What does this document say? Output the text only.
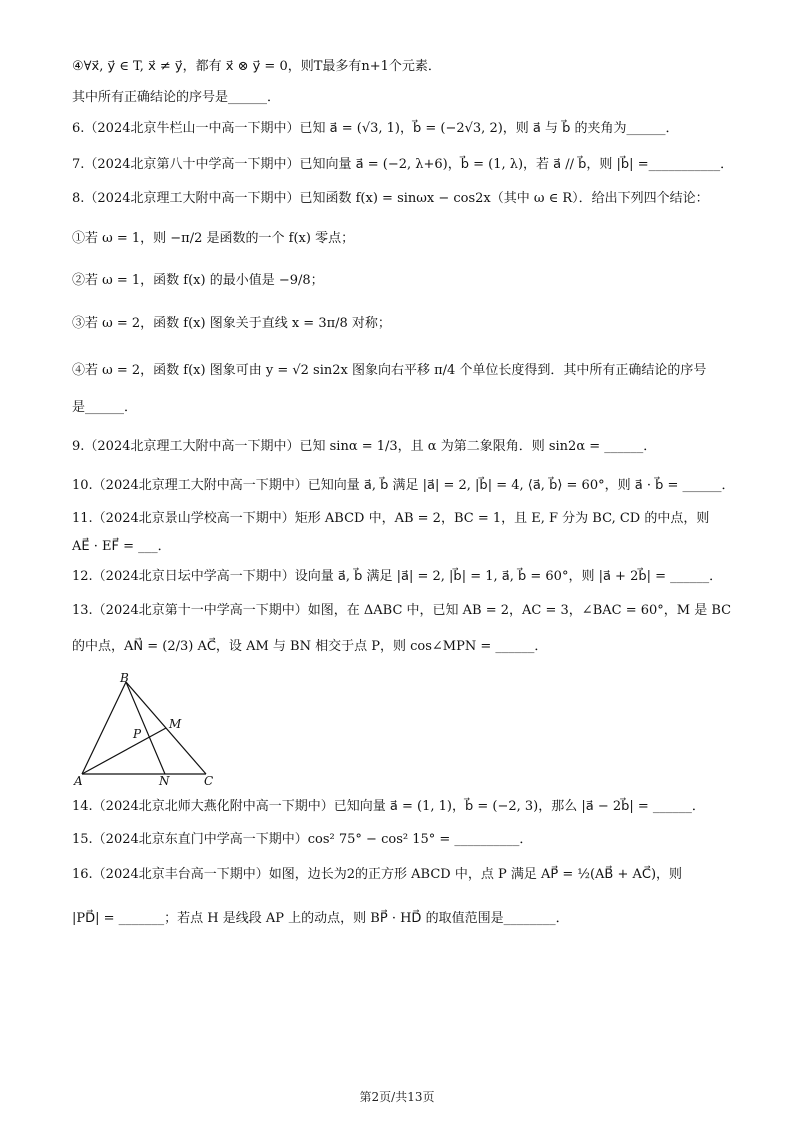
④∀x⃗, y⃗ ∈ T, x⃗ ≠ y⃗，都有 x⃗ ⊗ y⃗ = 0，则T最多有n+1个元素．
其中所有正确结论的序号是______．
6.（2024北京牛栏山一中高一下期中）已知 a⃗ = (√3, 1)，b⃗ = (−2√3, 2)，则 a⃗ 与 b⃗ 的夹角为______．
7.（2024北京第八十中学高一下期中）已知向量 a⃗ = (−2, λ+6)，b⃗ = (1, λ)，若 a⃗ // b⃗，则 |b⃗| =___________．
8.（2024北京理工大附中高一下期中）已知函数 f(x) = sinωx − cos2x（其中 ω ∈ R）．给出下列四个结论：
①若 ω = 1，则 −π/2 是函数的一个 f(x) 零点；
②若 ω = 1，函数 f(x) 的最小值是 −9/8；
③若 ω = 2，函数 f(x) 图象关于直线 x = 3π/8 对称；
④若 ω = 2，函数 f(x) 图象可由 y = √2 sin2x 图象向右平移 π/4 个单位长度得到．其中所有正确结论的序号
是______．
9.（2024北京理工大附中高一下期中）已知 sinα = 1/3，且 α 为第二象限角．则 sin2α = ______．
10.（2024北京理工大附中高一下期中）已知向量 a⃗, b⃗ 满足 |a⃗| = 2, |b⃗| = 4, ⟨a⃗, b⃗⟩ = 60°，则 a⃗ · b⃗ = ______．
11.（2024北京景山学校高一下期中）矩形 ABCD 中，AB = 2，BC = 1，且 E, F 分为 BC, CD 的中点，则
AE⃗ · EF⃗ = ___．
12.（2024北京日坛中学高一下期中）设向量 a⃗, b⃗ 满足 |a⃗| = 2, |b⃗| = 1, a⃗, b⃗ = 60°，则 |a⃗ + 2b⃗| = ______．
13.（2024北京第十一中学高一下期中）如图，在 ΔABC 中，已知 AB = 2，AC = 3，∠BAC = 60°，M 是 BC
的中点，AN⃗ = (2/3) AC⃗，设 AM 与 BN 相交于点 P，则 cos∠MPN = ______．
B
M
P
A	N	C
14.（2024北京北师大燕化附中高一下期中）已知向量 a⃗ = (1, 1)，b⃗ = (−2, 3)，那么 |a⃗ − 2b⃗| = ______．
15.（2024北京东直门中学高一下期中）cos² 75° − cos² 15° = __________．
16.（2024北京丰台高一下期中）如图，边长为2的正方形 ABCD 中，点 P 满足 AP⃗ = ½(AB⃗ + AC⃗)，则
|PD⃗| = _______；若点 H 是线段 AP 上的动点，则 BP⃗ · HD⃗ 的取值范围是________．
第2页/共13页
